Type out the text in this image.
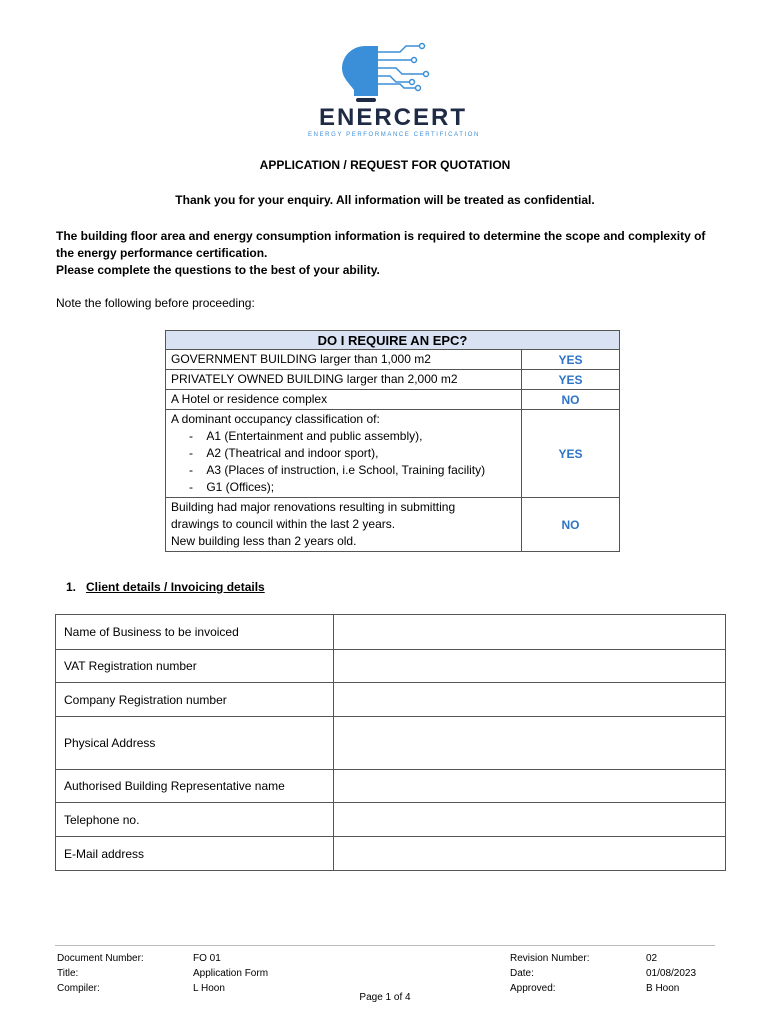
ENERCERT
ENERGY PERFORMANCE CERTIFICATION
APPLICATION / REQUEST FOR QUOTATION
Thank you for your enquiry. All information will be treated as confidential.
The building floor area and energy consumption information is required to determine the scope and complexity of the energy performance certification.
Please complete the questions to the best of your ability.
Note the following before proceeding:
DO I REQUIRE AN EPC?	
GOVERNMENT BUILDING larger than 1,000 m2	YES
PRIVATELY OWNED BUILDING larger than 2,000 m2	YES
A Hotel or residence complex	NO

A dominant occupancy classification of:
-    A1 (Entertainment and public assembly),
-    A2 (Theatrical and indoor sport),
-    A3 (Places of instruction, i.e School, Training facility)
-    G1 (Offices);	YES

Building had major renovations resulting in submitting
drawings to council within the last 2 years.
New building less than 2 years old.	NO
1. Client details / Invoicing details
Name of Business to be invoiced	
VAT Registration number	
Company Registration number	
Physical Address	
Authorised Building Representative name	
Telephone no.	
E-Mail address	
Document Number:
Title:
Compiler:
FO 01
Application Form
L Hoon
Revision Number:
Date:
Approved:
02
01/08/2023
B Hoon
Page 1 of 4
